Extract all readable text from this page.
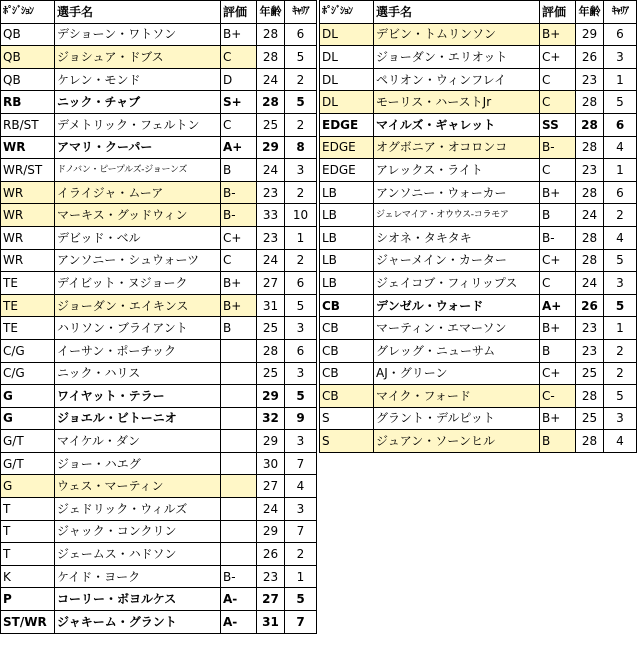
ﾎﾟｼﾞｼｮﾝ	選手名	評価	年齢	ｷｬﾘｱ
QB	デショーン・ワトソン	B+	28	6
QB	ジョシュア・ドブス	C	28	5
QB	ケレン・モンド	D	24	2
RB	ニック・チャブ	S+	28	5
RB/ST	デメトリック・フェルトン	C	25	2
WR	アマリ・クーパー	A+	29	8
WR/ST	ドノバン・ピープルズ-ジョーンズ	B	24	3
WR	イライジャ・ムーア	B-	23	2
WR	マーキス・グッドウィン	B-	33	10
WR	デビッド・ベル	C+	23	1
WR	アンソニー・シュウォーツ	C	24	2
TE	デイビット・ヌジョーク	B+	27	6
TE	ジョーダン・エイキンス	B+	31	5
TE	ハリソン・ブライアント	B	25	3
C/G	イーサン・ポーチック		28	6
C/G	ニック・ハリス		25	3
G	ワイヤット・テラー		29	5
G	ジョエル・ビトーニオ		32	9
G/T	マイケル・ダン		29	3
G/T	ジョー・ハエグ		30	7
G	ウェス・マーティン		27	4
T	ジェドリック・ウィルズ		24	3
T	ジャック・コンクリン		29	7
T	ジェームス・ハドソン		26	2
K	ケイド・ヨーク	B-	23	1
P	コーリー・ボヨルケス	A-	27	5
ST/WR	ジャキーム・グラント	A-	31	7
ﾎﾟｼﾞｼｮﾝ	選手名	評価	年齢	ｷｬﾘｱ
DL	デビン・トムリンソン	B+	29	6
DL	ジョーダン・エリオット	C+	26	3
DL	ペリオン・ウィンフレイ	C	23	1
DL	モーリス・ハーストJr	C	28	5
EDGE	マイルズ・ギャレット	SS	28	6
EDGE	オグボニア・オコロンコ	B-	28	4
EDGE	アレックス・ライト	C	23	1
LB	アンソニー・ウォーカー	B+	28	6
LB	ジェレマイア・オウウス-コラモア	B	24	2
LB	シオネ・タキタキ	B-	28	4
LB	ジャーメイン・カーター	C+	28	5
LB	ジェイコブ・フィリップス	C	24	3
CB	デンゼル・ウォード	A+	26	5
CB	マーティン・エマーソン	B+	23	1
CB	グレッグ・ニューサム	B	23	2
CB	AJ・グリーン	C+	25	2
CB	マイク・フォード	C-	28	5
S	グラント・デルピット	B+	25	3
S	ジュアン・ソーンヒル	B	28	4
